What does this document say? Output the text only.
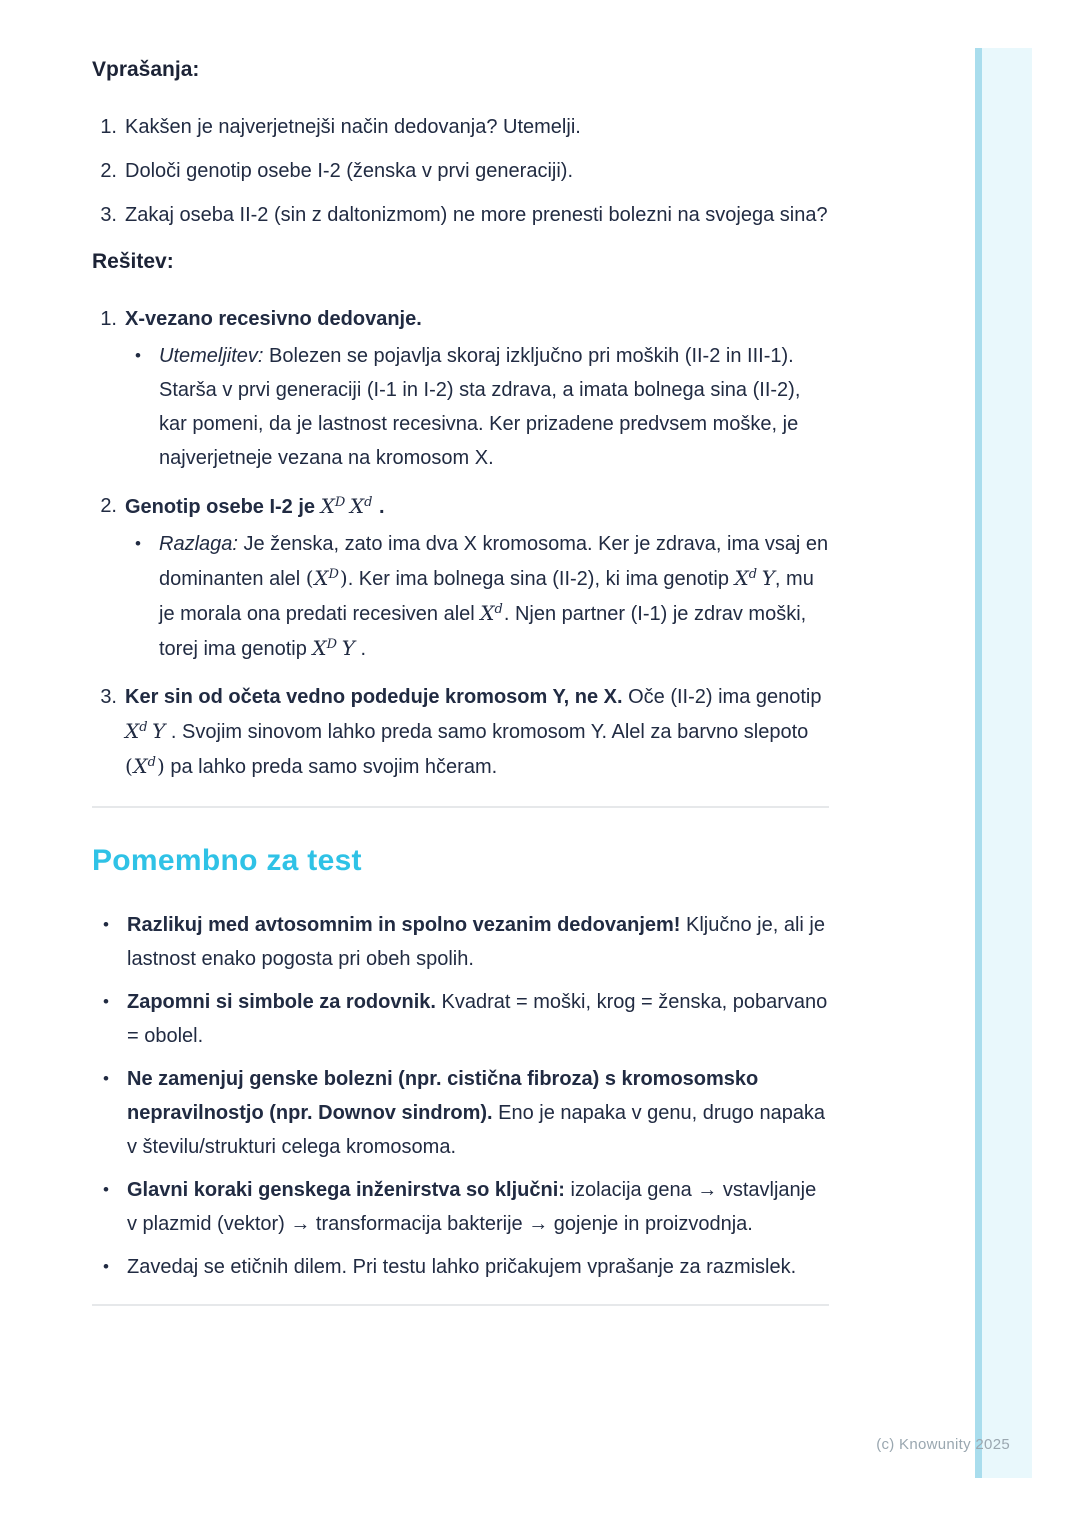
Vprašanja:
1. Kakšen je najverjetnejši način dedovanja? Utemelji.
2. Določi genotip osebe I-2 (ženska v prvi generaciji).
3. Zakaj oseba II-2 (sin z daltonizmom) ne more prenesti bolezni na svojega sina?
Rešitev:
1. X-vezano recesivno dedovanje.
• Utemeljitev: Bolezen se pojavlja skoraj izključno pri moških (II-2 in III-1). Starša v prvi generaciji (I-1 in I-2) sta zdrava, a imata bolnega sina (II-2), kar pomeni, da je lastnost recesivna. Ker prizadene predvsem moške, je najverjetneje vezana na kromosom X.
2. Genotip osebe I-2 je $X^D$ $X^d$ .
• Razlaga: Je ženska, zato ima dva X kromosoma. Ker je zdrava, ima vsaj en dominanten alel $(X^D)$. Ker ima bolnega sina (II-2), ki ima genotip $X^d$ Y, mu je morala ona predati recesiven alel $X^d$. Njen partner (I-1) je zdrav moški, torej ima genotip $X^D$ Y .
3. Ker sin od očeta vedno podeduje kromosom Y, ne X. Oče (II-2) ima genotip $X^d$ Y . Svojim sinovom lahko preda samo kromosom Y. Alel za barvno slepoto $(X^d)$ pa lahko preda samo svojim hčeram.
Pomembno za test
• Razlikuj med avtosomnim in spolno vezanim dedovanjem! Ključno je, ali je lastnost enako pogosta pri obeh spolih.
• Zapomni si simbole za rodovnik. Kvadrat = moški, krog = ženska, pobarvano = obolel.
• Ne zamenjuj genske bolezni (npr. cistična fibroza) s kromosomsko nepravilnostjo (npr. Downov sindrom). Eno je napaka v genu, drugo napaka v številu/strukturi celega kromosoma.
• Glavni koraki genskega inženirstva so ključni: izolacija gena → vstavljanje v plazmid (vektor) → transformacija bakterije → gojenje in proizvodnja.
• Zavedaj se etičnih dilem. Pri testu lahko pričakujem vprašanje za razmislek.
(c) Knowunity 2025
